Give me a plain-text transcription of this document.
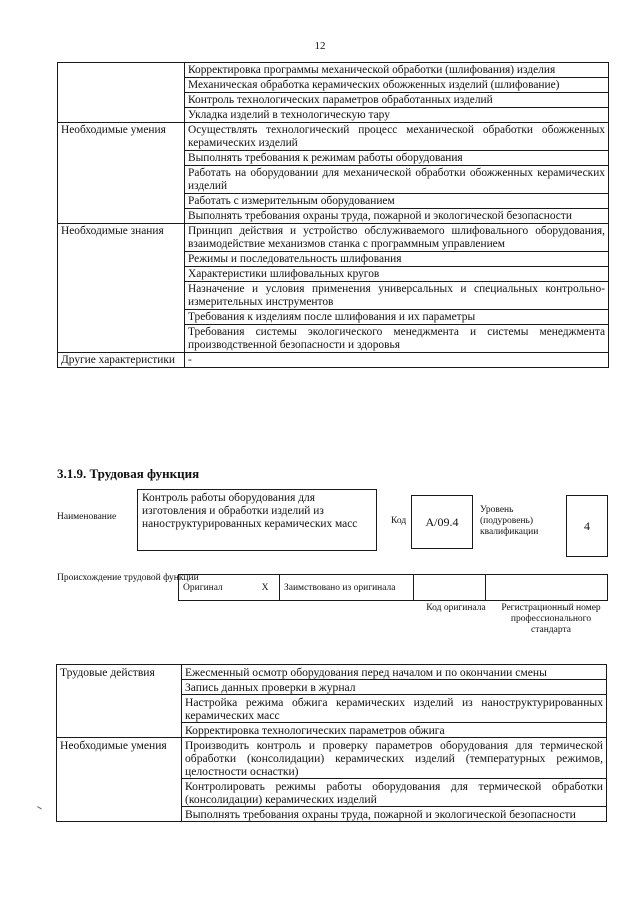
12
	Корректировка программы механической обработки (шлифования) изделия
	Механическая обработка керамических обожженных изделий (шлифование)
	Контроль технологических параметров обработанных изделий
	Укладка изделий в технологическую тару
Необходимые умения	Осуществлять технологический процесс механической обработки обожженных керамических изделий
	Выполнять требования к режимам работы оборудования
	Работать на оборудовании для механической обработки обожженных керамических изделий
	Работать с измерительным оборудованием
	Выполнять требования охраны труда, пожарной и экологической безопасности
Необходимые знания	Принцип действия и устройство обслуживаемого шлифовального оборудования, взаимодействие механизмов станка с программным управлением
	Режимы и последовательность шлифования
	Характеристики шлифовальных кругов
	Назначение и условия применения универсальных и специальных контрольно-измерительных инструментов
	Требования к изделиям после шлифования и их параметры
	Требования системы экологического менеджмента и системы менеджмента производственной безопасности и здоровья
Другие характеристики	-
3.1.9. Трудовая функция
Наименование
Контроль работы оборудования для изготовления и обработки изделий из наноструктурированных керамических масс	Код	A/09.4
Уровень (подуровень) квалификации	4
Происхождение трудовой функции
Оригинал	X	Заимствовано из оригинала		
Код оригинала	Регистрационный номер профессионального стандарта
Трудовые действия	Ежесменный осмотр оборудования перед началом и по окончании смены
	Запись данных проверки в журнал
	Настройка режима обжига керамических изделий из наноструктурированных керамических масс
	Корректировка технологических параметров обжига
Необходимые умения	Производить контроль и проверку параметров оборудования для термической обработки (консолидации) керамических изделий (температурных режимов, целостности оснастки)
	Контролировать режимы работы оборудования для термической обработки (консолидации) керамических изделий
	Выполнять требования охраны труда, пожарной и экологической безопасности
